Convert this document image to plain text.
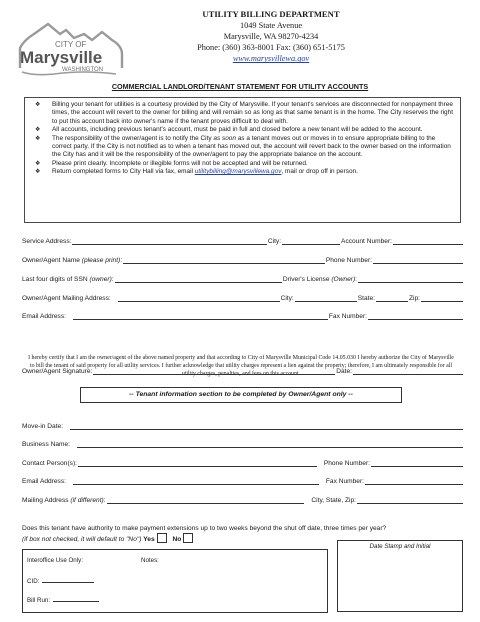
CITY OF
Marysville
WASHINGTON
UTILITY BILLING DEPARTMENT
1049 State Avenue
Marysville, WA 98270-4234
Phone: (360) 363-8001 Fax: (360) 651-5175
www.marysvillewa.gov
COMMERCIAL LANDLORD/TENANT STATEMENT FOR UTILITY ACCOUNTS
❖	Billing your tenant for utilities is a courtesy provided by the City of Marysville. If your tenant's services are disconnected for nonpayment three times, the account will revert to the owner for billing and will remain so as long as that same tenant is in the home. The City reserves the right to put this account back into owner's name if the tenant proves difficult to deal with.
❖	All accounts, including previous tenant's account, must be paid in full and closed before a new tenant will be added to the account.
❖	The responsibility of the owner/agent is to notify the City as soon as a tenant moves out or moves in to ensure appropriate billing to the correct party. If the City is not notified as to when a tenant has moved out, the account will revert back to the owner based on the information the City has and it will be the responsibility of the owner/agent to pay the appropriate balance on the account.
❖	Please print clearly. Incomplete or illegible forms will not be accepted and will be returned.
❖	Return completed forms to City Hall via fax, email utilitybilling@marysvillewa.gov, mail or drop off in person.
Service Address:	City:	Account Number:
Owner/Agent Name (please print):	Phone Number:
Last four digits of SSN (owner):	Driver's License (Owner):
Owner/Agent Mailing Address:	City:	State:	Zip:
Email Address:	Fax Number:
I hereby certify that I am the owner/agent of the above named property and that according to City of Marysville Municipal Code 14.05.030 I hereby authorize the City of Marysville to bill the tenant of said property for all utility services. I further acknowledge that utility charges represent a lien against the property; therefore, I am ultimately responsible for all utility charges, penalties, and fees on this account.
Owner/Agent Signature:	Date:
-- Tenant information section to be completed by Owner/Agent only --
Move-in Date:
Business Name:
Contact Person(s):	Phone Number:
Email Address:	Fax Number:
Mailing Address (if different):	City, State, Zip:
Does this tenant have authority to make payment extensions up to two weeks beyond the shut off date, three times per year?
(if box not checked, it will default to "No") Yes	No
Date Stamp and Initial
Interoffice Use Only:	Notes:
CID:
Bill Run:
